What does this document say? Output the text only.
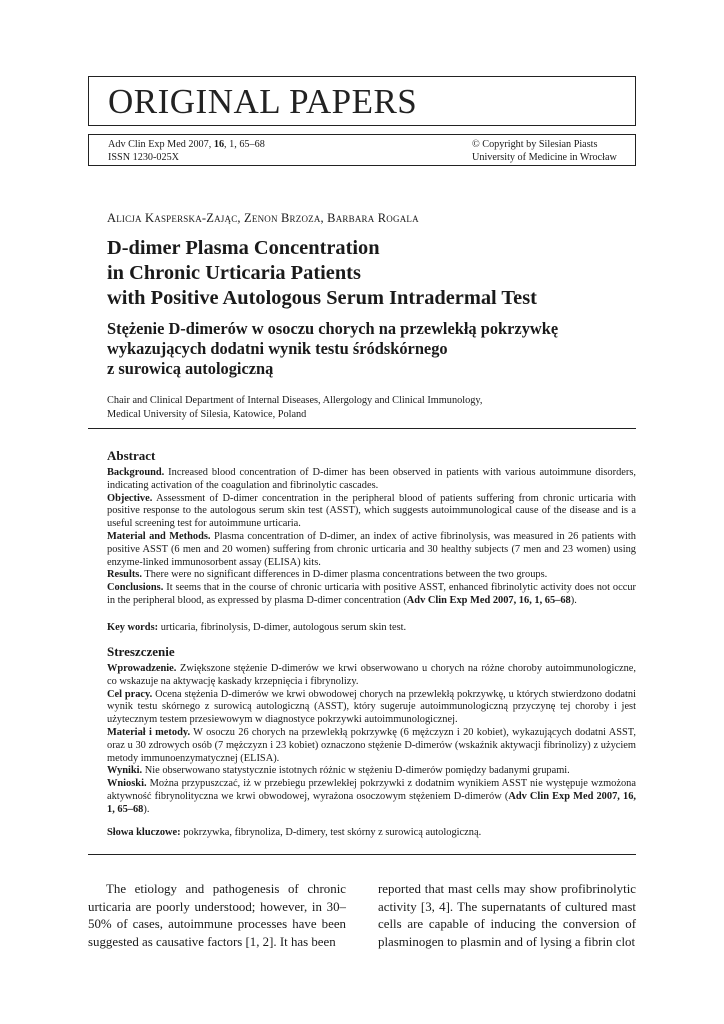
ORIGINAL PAPERS
Adv Clin Exp Med 2007, 16, 1, 65–68
ISSN 1230-025X
© Copyright by Silesian Piasts
University of Medicine in Wrocław
Alicja Kasperska-Zając, Zenon Brzoza, Barbara Rogala
D-dimer Plasma Concentration
in Chronic Urticaria Patients
with Positive Autologous Serum Intradermal Test
Stężenie D-dimerów w osoczu chorych na przewlekłą pokrzywkę
wykazujących dodatni wynik testu śródskórnego
z surowicą autologiczną
Chair and Clinical Department of Internal Diseases, Allergology and Clinical Immunology,
Medical University of Silesia, Katowice, Poland
Abstract

Background. Increased blood concentration of D-dimer has been observed in patients with various autoimmune disorders, indicating activation of the coagulation and fibrinolytic cascades.

Objective. Assessment of D-dimer concentration in the peripheral blood of patients suffering from chronic urticaria with positive response to the autologous serum skin test (ASST), which suggests autoimmunological cause of the disease and is a useful screening test for autoimmune urticaria.

Material and Methods. Plasma concentration of D-dimer, an index of active fibrinolysis, was measured in 26 patients with positive ASST (6 men and 20 women) suffering from chronic urticaria and 30 healthy subjects (7 men and 23 women) using enzyme-linked immunosorbent assay (ELISA) kits.

Results. There were no significant differences in D-dimer plasma concentrations between the two groups.

Conclusions. It seems that in the course of chronic urticaria with positive ASST, enhanced fibrinolytic activity does not occur in the peripheral blood, as expressed by plasma D-dimer concentration (Adv Clin Exp Med 2007, 16, 1, 65–68).

Key words: urticaria, fibrinolysis, D-dimer, autologous serum skin test.
Streszczenie

Wprowadzenie. Zwiększone stężenie D-dimerów we krwi obserwowano u chorych na różne choroby autoimmunologiczne, co wskazuje na aktywację kaskady krzepnięcia i fibrynolizy.

Cel pracy. Ocena stężenia D-dimerów we krwi obwodowej chorych na przewlekłą pokrzywkę, u których stwierdzono dodatni wynik testu skórnego z surowicą autologiczną (ASST), który sugeruje autoimmunologiczną przyczynę tej choroby i jest użytecznym testem przesiewowym w diagnostyce pokrzywki autoimmunologicznej.

Materiał i metody. W osoczu 26 chorych na przewlekłą pokrzywkę (6 mężczyzn i 20 kobiet), wykazujących dodatni ASST, oraz u 30 zdrowych osób (7 mężczyzn i 23 kobiet) oznaczono stężenie D-dimerów (wskaźnik aktywacji fibrinolizy) z użyciem metody immunoenzymatycznej (ELISA).

Wyniki. Nie obserwowano statystycznie istotnych różnic w stężeniu D-dimerów pomiędzy badanymi grupami.

Wnioski. Można przypuszczać, iż w przebiegu przewlekłej pokrzywki z dodatnim wynikiem ASST nie występuje wzmożona aktywność fibrynolityczna we krwi obwodowej, wyrażona osoczowym stężeniem D-dimerów (Adv Clin Exp Med 2007, 16, 1, 65–68).

Słowa kluczowe: pokrzywka, fibrynoliza, D-dimery, test skórny z surowicą autologiczną.

The etiology and pathogenesis of chronic urticaria are poorly understood; however, in 30–50% of cases, autoimmune processes have been suggested as causative factors [1, 2]. It has been

reported that mast cells may show profibrinolytic activity [3, 4]. The supernatants of cultured mast cells are capable of inducing the conversion of plasminogen to plasmin and of lysing a fibrin clot
